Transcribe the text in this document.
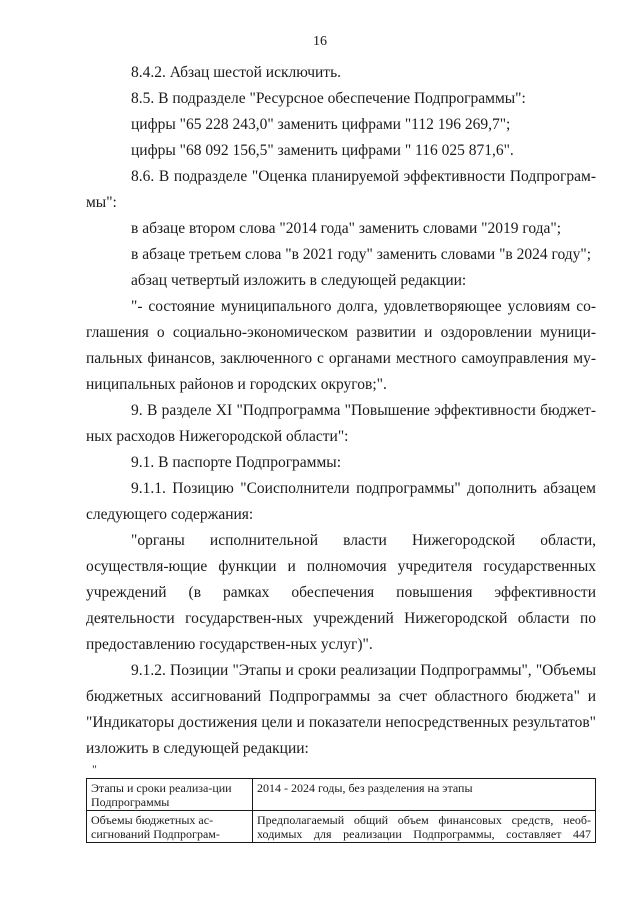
16

8.4.2. Абзац шестой исключить.

8.5. В подразделе "Ресурсное обеспечение Подпрограммы":

цифры "65 228 243,0" заменить цифрами "112 196 269,7";

цифры "68 092 156,5" заменить цифрами " 116 025 871,6".

8.6. В подразделе "Оценка планируемой эффективности Подпрограм-мы":

в абзаце втором слова "2014 года" заменить словами "2019 года";

в абзаце третьем слова "в 2021 году" заменить словами "в 2024 году";

абзац четвертый изложить в следующей редакции:

"- состояние муниципального долга, удовлетворяющее условиям со-глашения о социально-экономическом развитии и оздоровлении муници-пальных финансов, заключенного с органами местного самоуправления му-ниципальных районов и городских округов;".

9. В разделе XI "Подпрограмма "Повышение эффективности бюджет-ных расходов Нижегородской области":

9.1. В паспорте Подпрограммы:

9.1.1. Позицию "Соисполнители подпрограммы" дополнить абзацем следующего содержания:

"органы исполнительной власти Нижегородской области, осуществля-ющие функции и полномочия учредителя государственных учреждений (в рамках обеспечения повышения эффективности деятельности государствен-ных учреждений Нижегородской области по предоставлению государствен-ных услуг)".

9.1.2. Позиции "Этапы и сроки реализации Подпрограммы", "Объемы бюджетных ассигнований Подпрограммы за счет областного бюджета" и "Индикаторы достижения цели и показатели непосредственных результатов" изложить в следующей редакции:

"

Этапы и сроки реализа-ции Подпрограммы	2014 - 2024 годы, без разделения на этапы
Объемы бюджетных ас-сигнований Подпрограм-	Предполагаемый общий объем финансовых средств, необ-ходимых для реализации Подпрограммы, составляет 447
